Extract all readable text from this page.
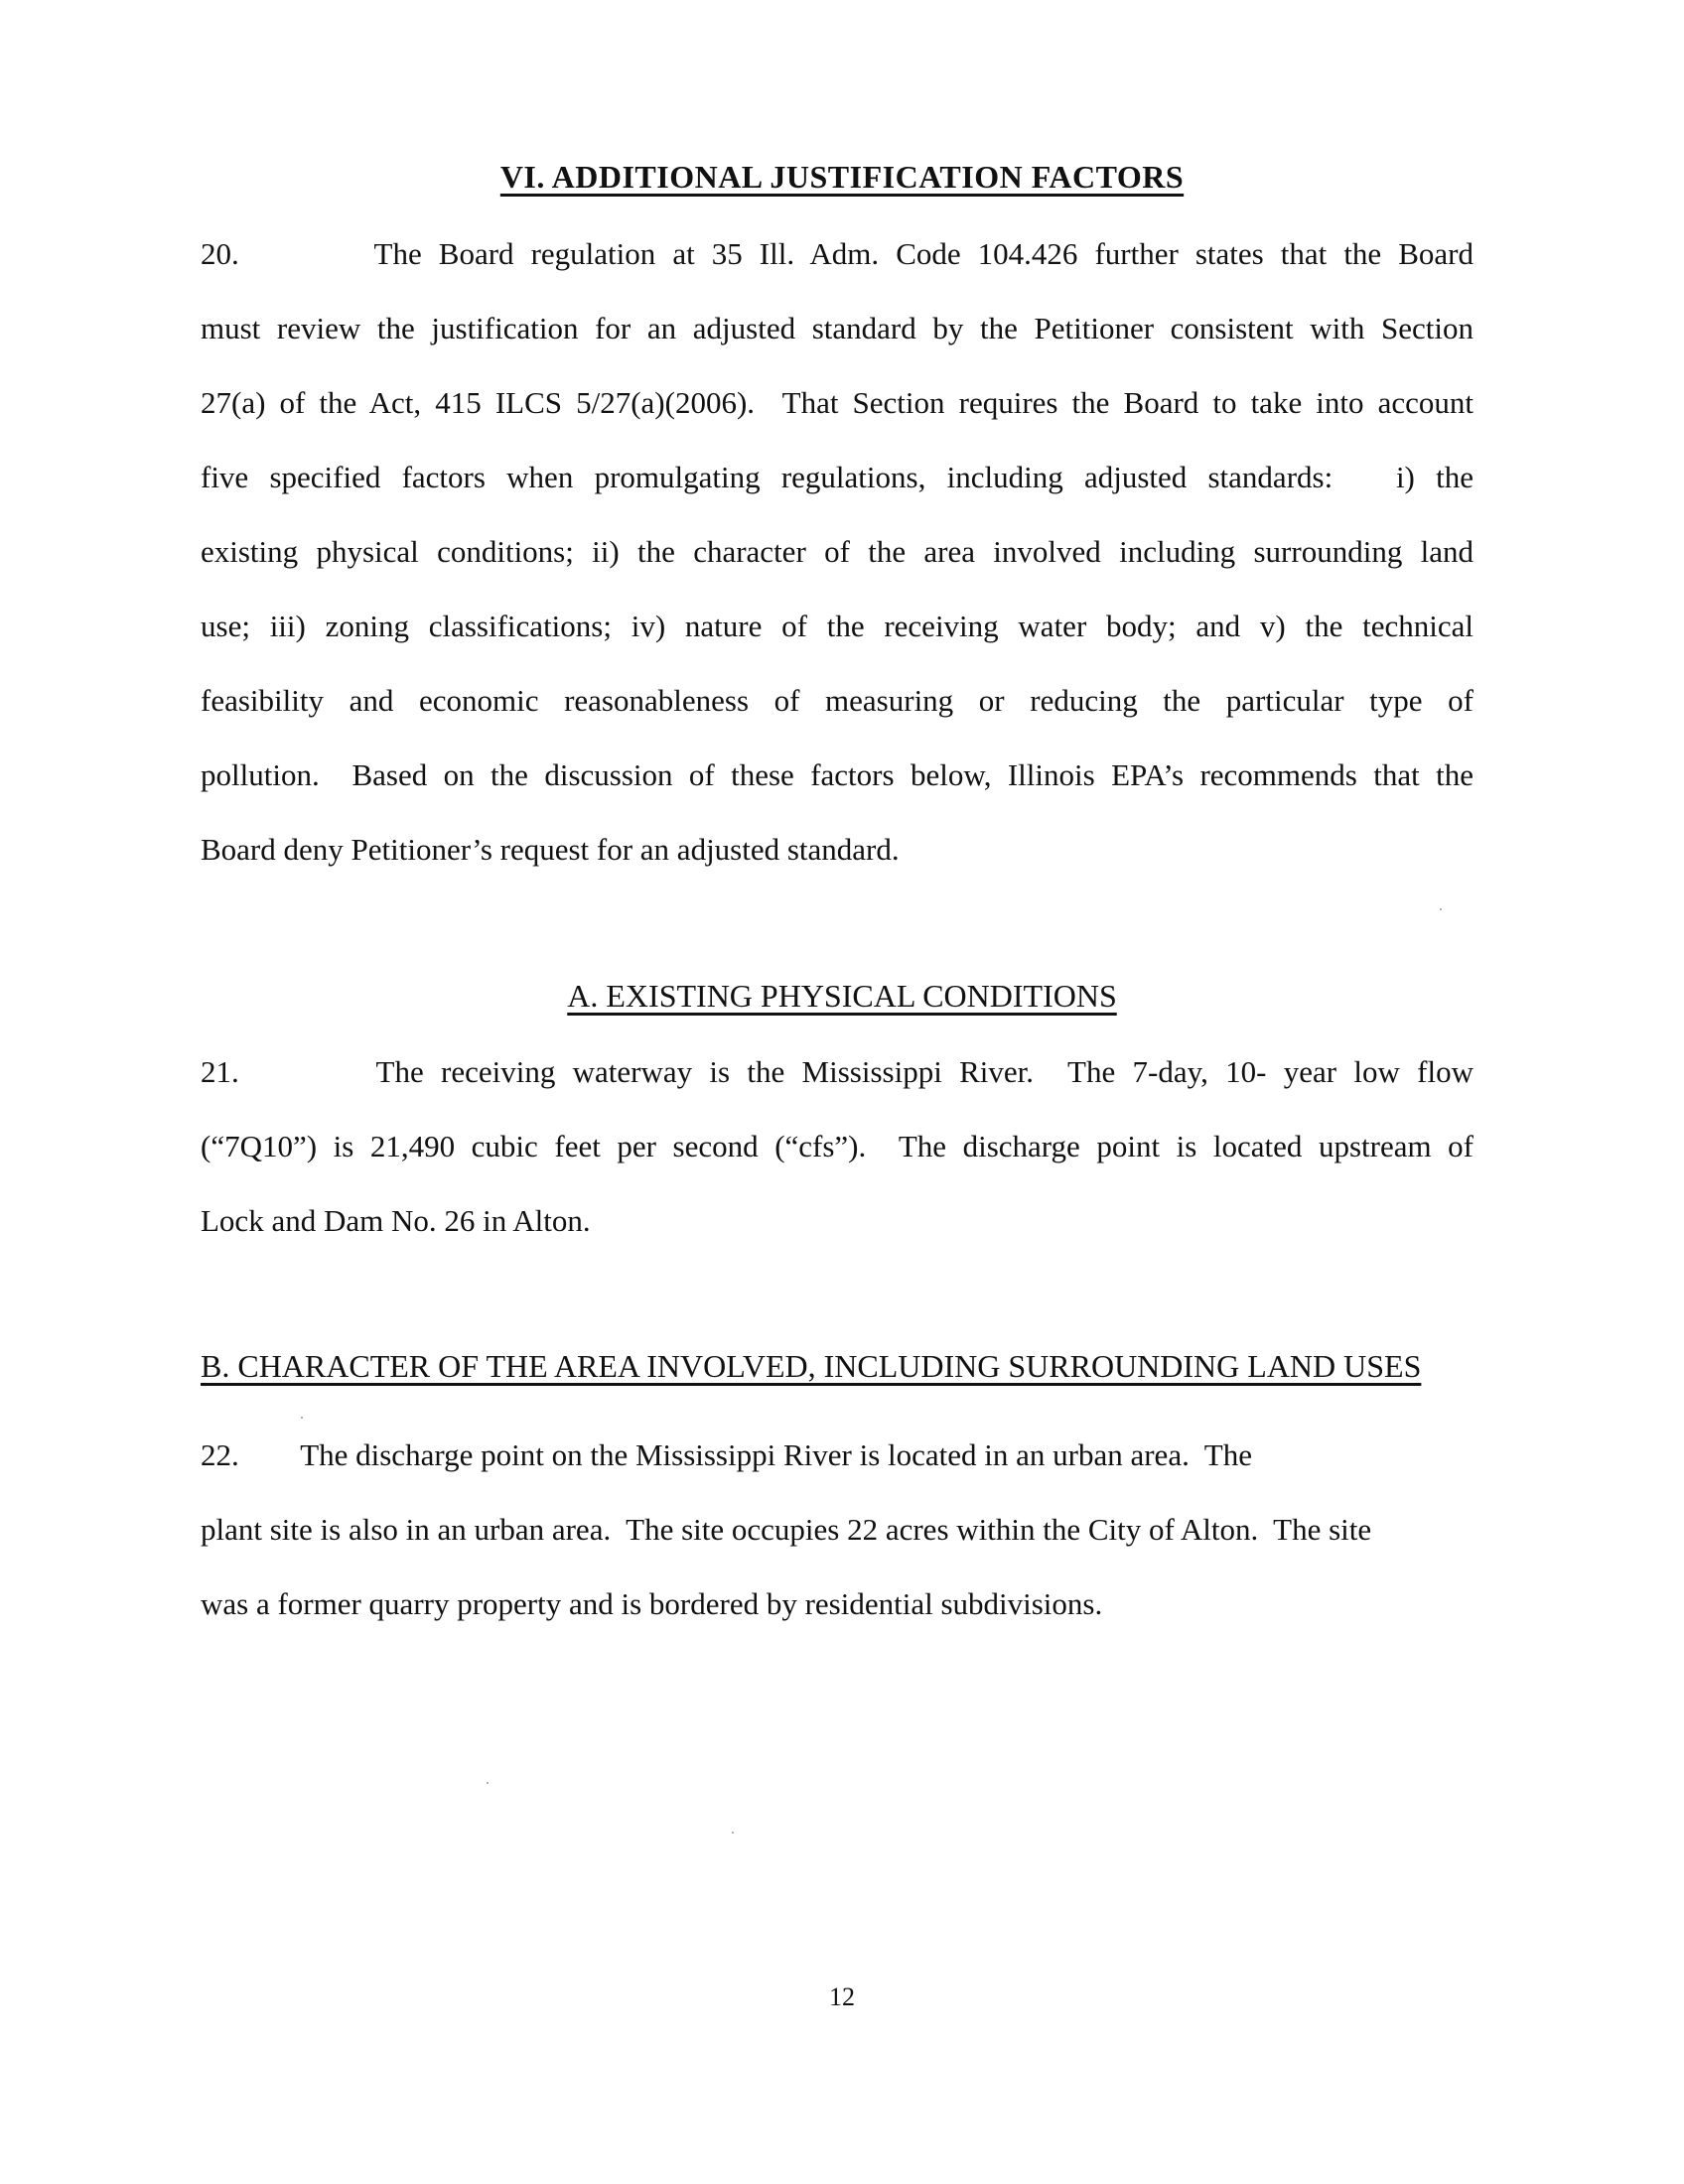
VI. ADDITIONAL JUSTIFICATION FACTORS
20.        The Board regulation at 35 Ill. Adm. Code 104.426 further states that the Board
must review the justification for an adjusted standard by the Petitioner consistent with Section
27(a) of the Act, 415 ILCS 5/27(a)(2006).  That Section requires the Board to take into account
five specified factors when promulgating regulations, including adjusted standards:   i) the
existing physical conditions; ii) the character of the area involved including surrounding land
use; iii) zoning classifications; iv) nature of the receiving water body; and v) the technical
feasibility and economic reasonableness of measuring or reducing the particular type of
pollution.  Based on the discussion of these factors below, Illinois EPA’s recommends that the
Board deny Petitioner’s request for an adjusted standard.
A. EXISTING PHYSICAL CONDITIONS
21.        The receiving waterway is the Mississippi River.  The 7-day, 10- year low flow
(“7Q10”) is 21,490 cubic feet per second (“cfs”).  The discharge point is located upstream of
Lock and Dam No. 26 in Alton.
B. CHARACTER OF THE AREA INVOLVED, INCLUDING SURROUNDING LAND USES
22.        The discharge point on the Mississippi River is located in an urban area.  The
plant site is also in an urban area.  The site occupies 22 acres within the City of Alton.  The site
was a former quarry property and is bordered by residential subdivisions.
12
